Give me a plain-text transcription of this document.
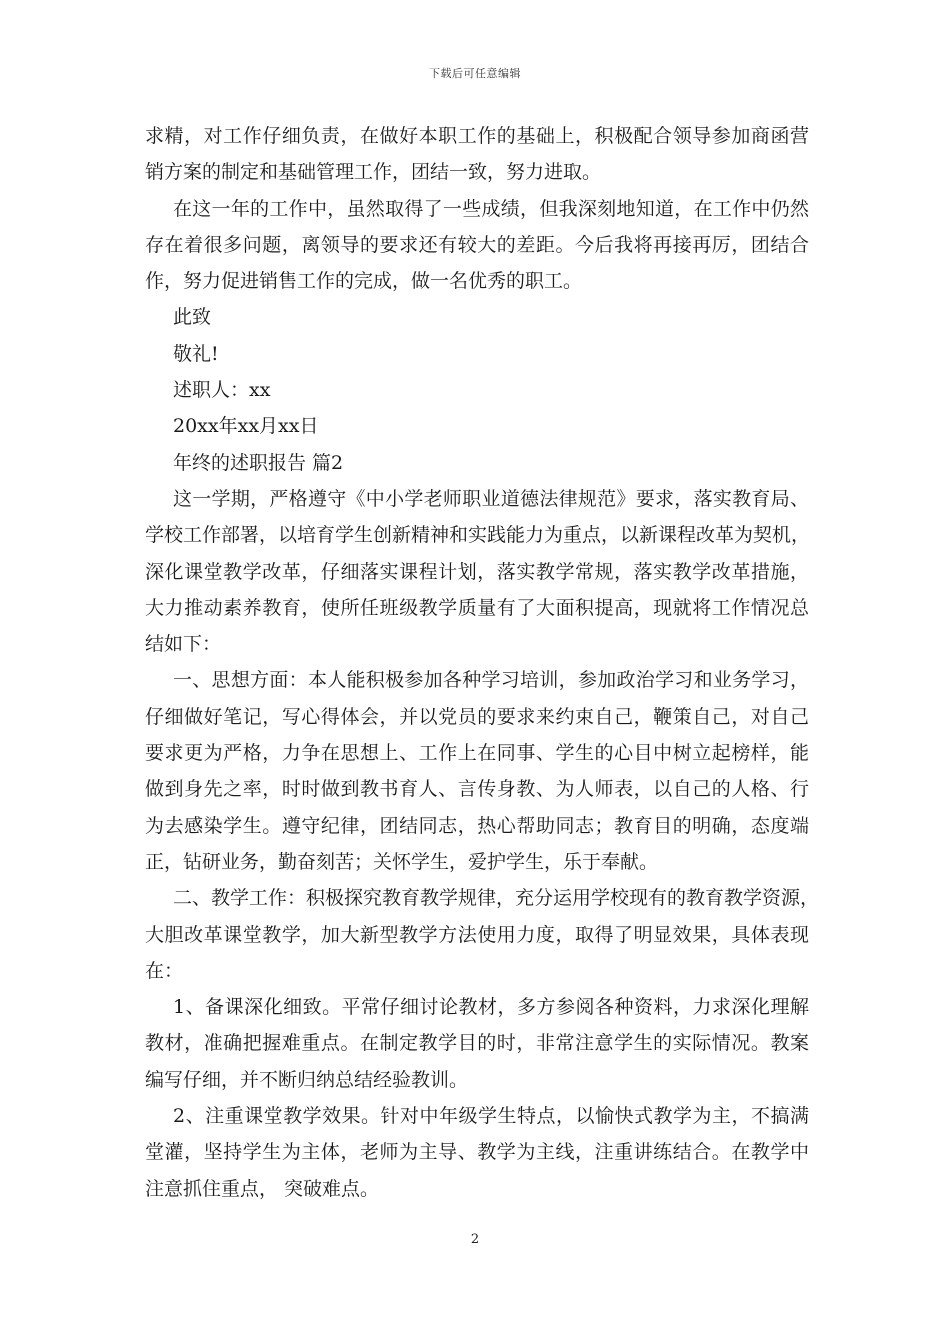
下载后可任意编辑
求精，对工作仔细负责，在做好本职工作的基础上，积极配合领导参加商函营
销方案的制定和基础管理工作，团结一致，努力进取。
在这一年的工作中，虽然取得了一些成绩，但我深刻地知道，在工作中仍然
存在着很多问题，离领导的要求还有较大的差距。今后我将再接再厉，团结合
作，努力促进销售工作的完成，做一名优秀的职工。
此致
敬礼!
述职人：xx
20xx年xx月xx日
年终的述职报告 篇2
这一学期，严格遵守《中小学老师职业道德法律规范》要求，落实教育局、
学校工作部署，以培育学生创新精神和实践能力为重点，以新课程改革为契机，
深化课堂教学改革，仔细落实课程计划，落实教学常规，落实教学改革措施，
大力推动素养教育，使所任班级教学质量有了大面积提高，现就将工作情况总
结如下：
一、思想方面：本人能积极参加各种学习培训，参加政治学习和业务学习，
仔细做好笔记，写心得体会，并以党员的要求来约束自己，鞭策自己，对自己
要求更为严格，力争在思想上、工作上在同事、学生的心目中树立起榜样，能
做到身先之率，时时做到教书育人、言传身教、为人师表，以自己的人格、行
为去感染学生。遵守纪律，团结同志，热心帮助同志；教育目的明确，态度端
正，钻研业务，勤奋刻苦；关怀学生，爱护学生，乐于奉献。
二、教学工作：积极探究教育教学规律，充分运用学校现有的教育教学资源，
大胆改革课堂教学，加大新型教学方法使用力度，取得了明显效果，具体表现
在：
1、备课深化细致。平常仔细讨论教材，多方参阅各种资料，力求深化理解
教材，准确把握难重点。在制定教学目的时，非常注意学生的实际情况。教案
编写仔细，并不断归纳总结经验教训。
2、注重课堂教学效果。针对中年级学生特点，以愉快式教学为主，不搞满
堂灌，坚持学生为主体，老师为主导、教学为主线，注重讲练结合。在教学中
注意抓住重点， 突破难点。
2
